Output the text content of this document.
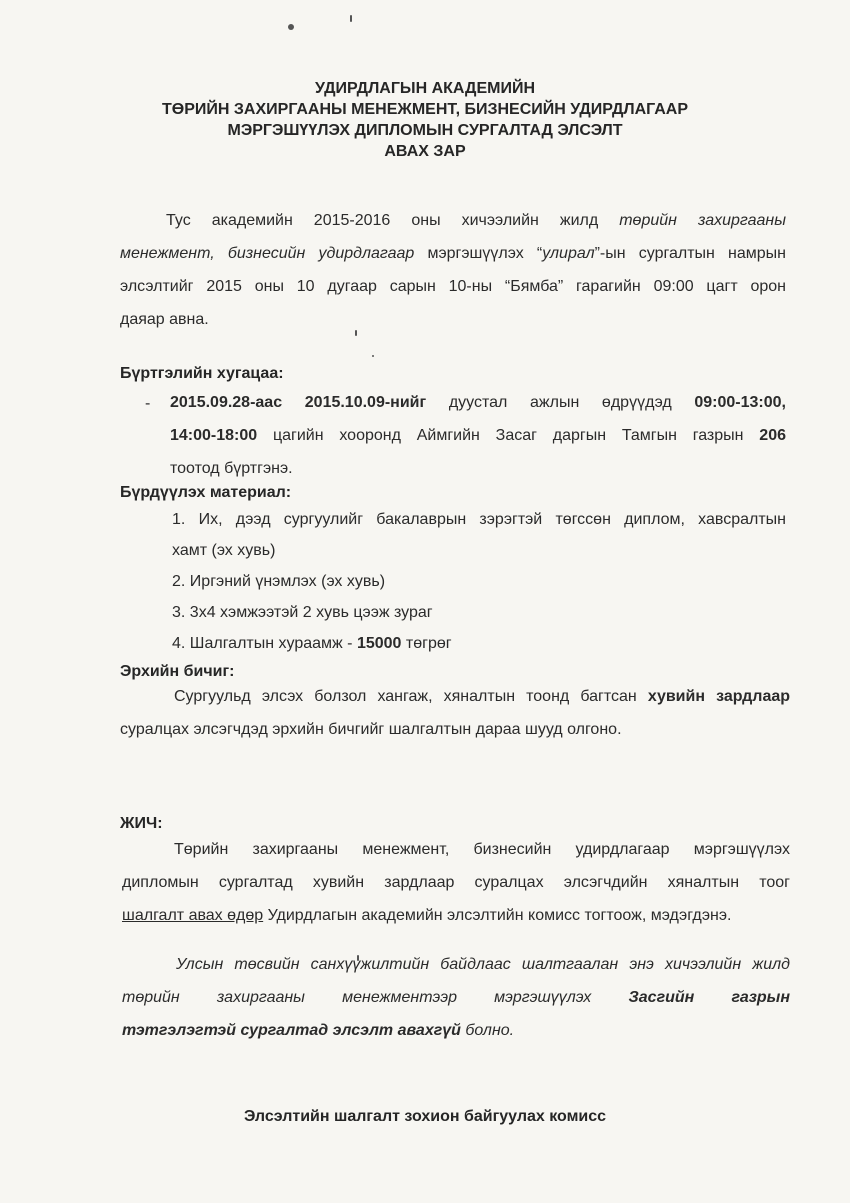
УДИРДЛАГЫН АКАДЕМИЙН
ТӨРИЙН ЗАХИРГААНЫ МЕНЕЖМЕНТ, БИЗНЕСИЙН УДИРДЛАГААР
МЭРГЭШҮҮЛЭХ ДИПЛОМЫН СУРГАЛТАД ЭЛСЭЛТ
АВАХ ЗАР
Тус академийн 2015-2016 оны хичээлийн жилд төрийн захиргааны
менежмент, бизнесийн удирдлагаар мэргэшүүлэх “улирал”-ын сургалтын намрын
элсэлтийг 2015 оны 10 дугаар сарын 10-ны “Бямба” гарагийн 09:00 цагт орон
даяар авна.
Бүртгэлийн хугацаа:
- 2015.09.28-аас 2015.10.09-нийг дуустал ажлын өдрүүдэд 09:00-13:00,
14:00-18:00 цагийн хооронд Аймгийн Засаг даргын Тамгын газрын 206
тоотод бүртгэнэ.
Бүрдүүлэх материал:
1. Их, дээд сургуулийг бакалаврын зэрэгтэй төгссөн диплом, хавсралтын
хамт (эх хувь)
2. Иргэний үнэмлэх (эх хувь)
3. 3х4 хэмжээтэй 2 хувь цээж зураг
4. Шалгалтын хураамж - 15000 төгрөг
Эрхийн бичиг:
Сургуульд элсэх болзол хангаж, хяналтын тоонд багтсан хувийн зардлаар
суралцах элсэгчдэд эрхийн бичгийг шалгалтын дараа шууд олгоно.
ЖИЧ:
Төрийн захиргааны менежмент, бизнесийн удирдлагаар мэргэшүүлэх
дипломын сургалтад хувийн зардлаар суралцах элсэгчдийн хяналтын тоог
шалгалт авах өдөр Удирдлагын академийн элсэлтийн комисс тогтоож, мэдэгдэнэ.
Улсын төсвийн санхүүжилтийн байдлаас шалтгаалан энэ хичээлийн жилд
төрийн захиргааны менежментээр мэргэшүүлэх Засгийн газрын
тэтгэлэгтэй сургалтад элсэлт авахгүй болно.
Элсэлтийн шалгалт зохион байгуулах комисс
